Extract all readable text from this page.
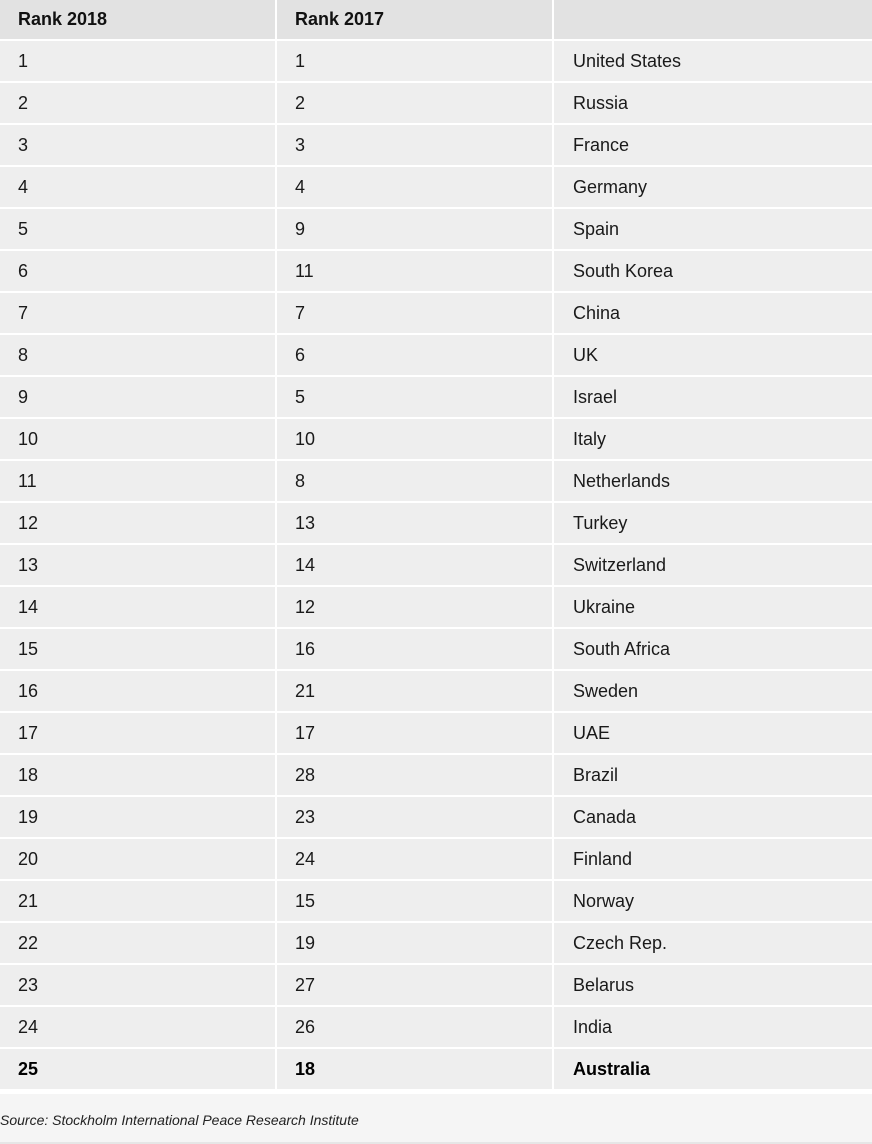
Rank 2018	Rank 2017	
1	1	United States
2	2	Russia
3	3	France
4	4	Germany
5	9	Spain
6	11	South Korea
7	7	China
8	6	UK
9	5	Israel
10	10	Italy
11	8	Netherlands
12	13	Turkey
13	14	Switzerland
14	12	Ukraine
15	16	South Africa
16	21	Sweden
17	17	UAE
18	28	Brazil
19	23	Canada
20	24	Finland
21	15	Norway
22	19	Czech Rep.
23	27	Belarus
24	26	India
25	18	Australia
Source: Stockholm International Peace Research Institute
